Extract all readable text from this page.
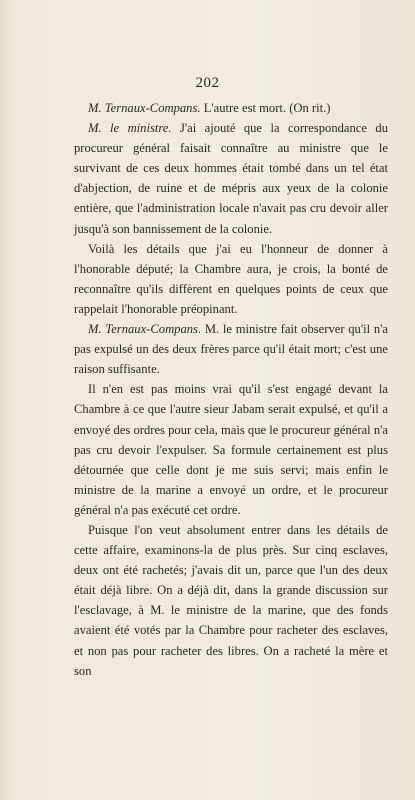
202

M. Ternaux-Compans. L'autre est mort. (On rit.)

M. le ministre. J'ai ajouté que la correspondance du procureur général faisait connaître au ministre que le survivant de ces deux hommes était tombé dans un tel état d'abjection, de ruine et de mépris aux yeux de la colonie entière, que l'administration locale n'avait pas cru devoir aller jusqu'à son bannissement de la colonie.

Voilà les détails que j'ai eu l'honneur de donner à l'honorable député; la Chambre aura, je crois, la bonté de reconnaître qu'ils diffèrent en quelques points de ceux que rappelait l'honorable préopinant.

M. Ternaux-Compans. M. le ministre fait observer qu'il n'a pas expulsé un des deux frères parce qu'il était mort; c'est une raison suffisante.

Il n'en est pas moins vrai qu'il s'est engagé devant la Chambre à ce que l'autre sieur Jabam serait expulsé, et qu'il a envoyé des ordres pour cela, mais que le procureur général n'a pas cru devoir l'expulser. Sa formule certainement est plus détournée que celle dont je me suis servi; mais enfin le ministre de la marine a envoyé un ordre, et le procureur général n'a pas exécuté cet ordre.

Puisque l'on veut absolument entrer dans les détails de cette affaire, examinons-la de plus près. Sur cinq esclaves, deux ont été rachetés; j'avais dit un, parce que l'un des deux était déjà libre. On a déjà dit, dans la grande discussion sur l'esclavage, à M. le ministre de la marine, que des fonds avaient été votés par la Chambre pour racheter des esclaves, et non pas pour racheter des libres. On a racheté la mère et son
